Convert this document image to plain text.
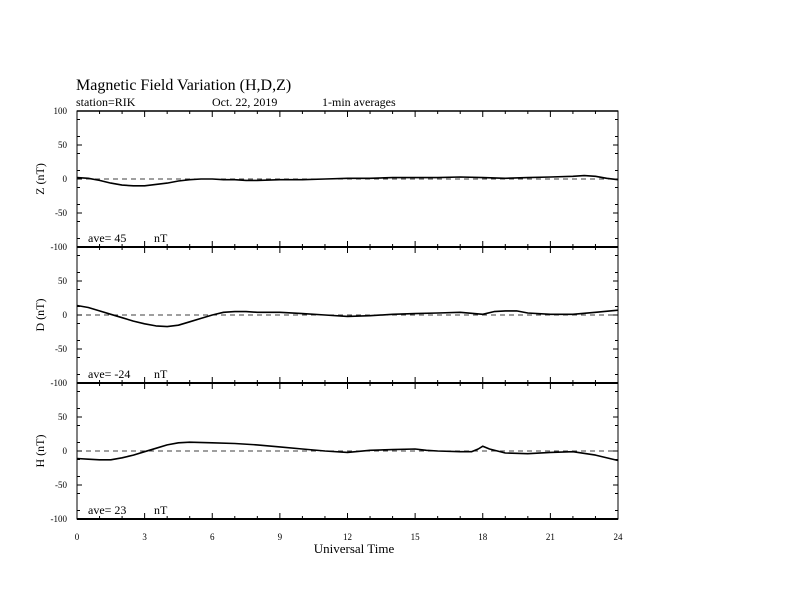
Magnetic Field Variation (H,D,Z)
station=RIK	Oct. 22, 2019	1-min averages
-100
-50
0
50
100
Z (nT)
ave= 45 nT
-100
-50
0
50
D (nT)
ave= -24 nT
-100
-50
0
50
H (nT)
ave= 23 nT
0	3	6	9	12	15	18	21	24
Universal Time
